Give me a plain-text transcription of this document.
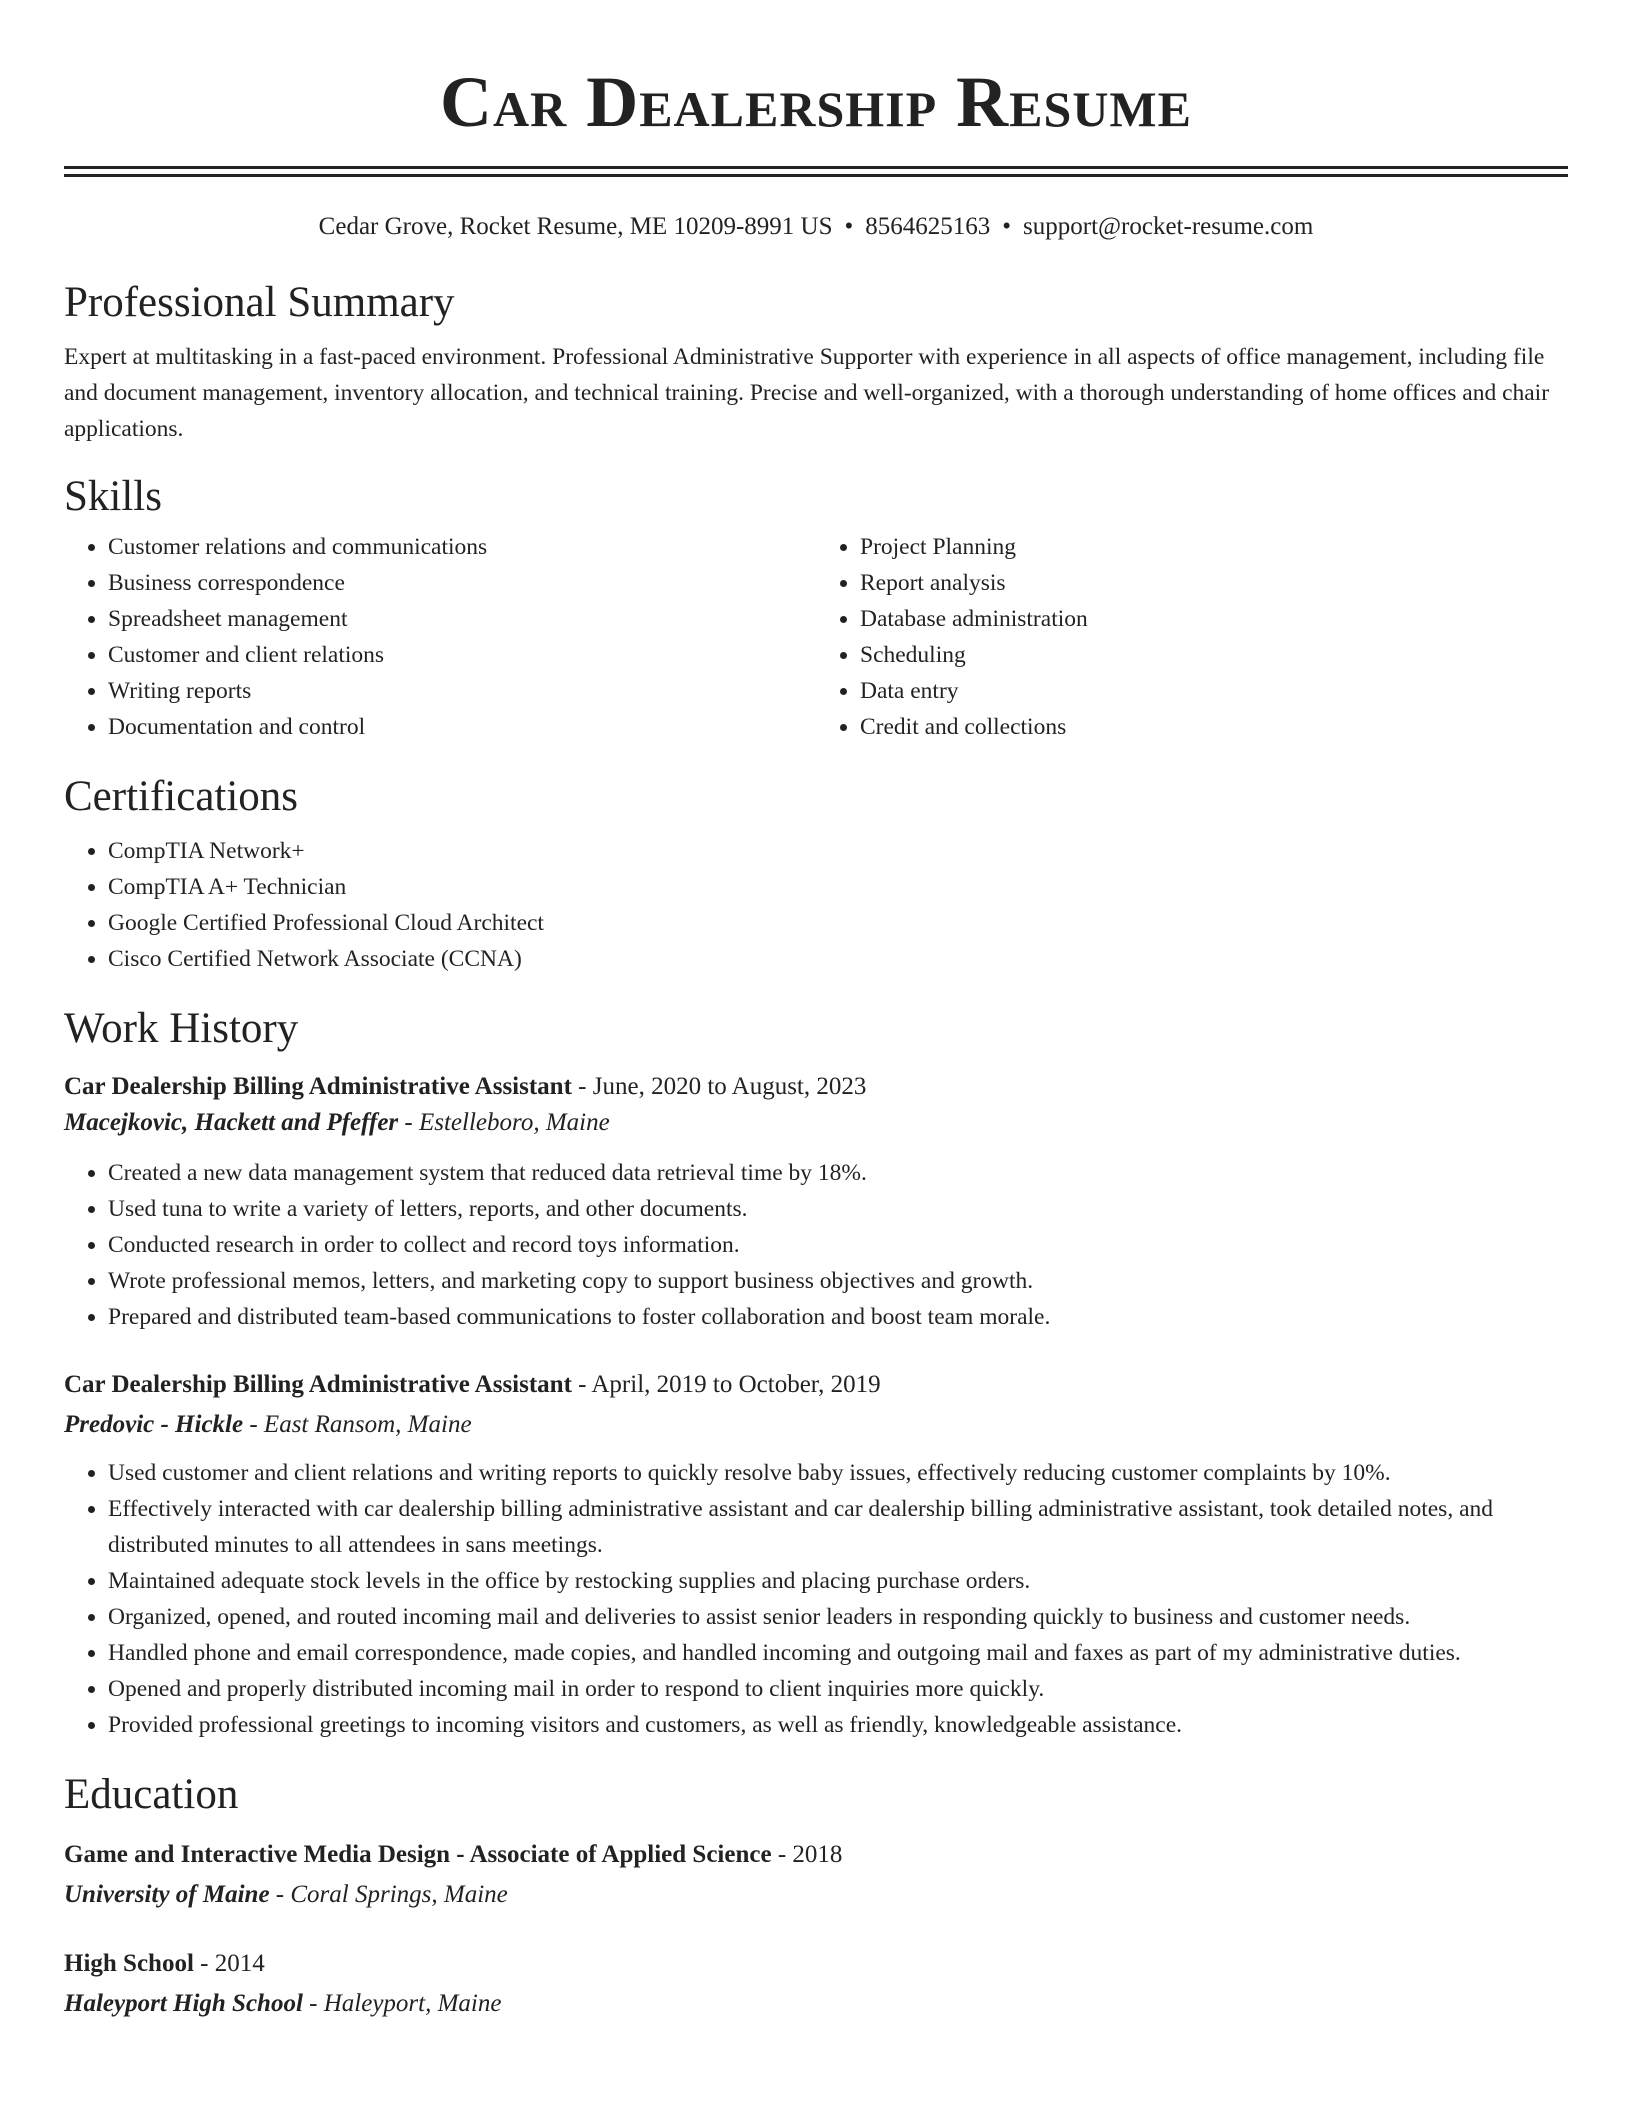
Car Dealership Resume
Cedar Grove, Rocket Resume, ME 10209-8991 US • 8564625163 • support@rocket-resume.com
Professional Summary

Expert at multitasking in a fast-paced environment. Professional Administrative Supporter with experience in all aspects of office management, including file and document management, inventory allocation, and technical training. Precise and well-organized, with a thorough understanding of home offices and chair applications.

Skills
• Customer relations and communications
• Business correspondence
• Spreadsheet management
• Customer and client relations
• Writing reports
• Documentation and control
• Project Planning
• Report analysis
• Database administration
• Scheduling
• Data entry
• Credit and collections
Certifications
• CompTIA Network+
• CompTIA A+ Technician
• Google Certified Professional Cloud Architect
• Cisco Certified Network Associate (CCNA)
Work History

Car Dealership Billing Administrative Assistant - June, 2020 to August, 2023

Macejkovic, Hackett and Pfeffer - Estelleboro, Maine

• Created a new data management system that reduced data retrieval time by 18%.
• Used tuna to write a variety of letters, reports, and other documents.
• Conducted research in order to collect and record toys information.
• Wrote professional memos, letters, and marketing copy to support business objectives and growth.
• Prepared and distributed team-based communications to foster collaboration and boost team morale.

Car Dealership Billing Administrative Assistant - April, 2019 to October, 2019

Predovic - Hickle - East Ransom, Maine

• Used customer and client relations and writing reports to quickly resolve baby issues, effectively reducing customer complaints by 10%.
• Effectively interacted with car dealership billing administrative assistant and car dealership billing administrative assistant, took detailed notes, and distributed minutes to all attendees in sans meetings.
• Maintained adequate stock levels in the office by restocking supplies and placing purchase orders.
• Organized, opened, and routed incoming mail and deliveries to assist senior leaders in responding quickly to business and customer needs.
• Handled phone and email correspondence, made copies, and handled incoming and outgoing mail and faxes as part of my administrative duties.
• Opened and properly distributed incoming mail in order to respond to client inquiries more quickly.
• Provided professional greetings to incoming visitors and customers, as well as friendly, knowledgeable assistance.
Education

Game and Interactive Media Design - Associate of Applied Science - 2018

University of Maine - Coral Springs, Maine

High School - 2014

Haleyport High School - Haleyport, Maine
